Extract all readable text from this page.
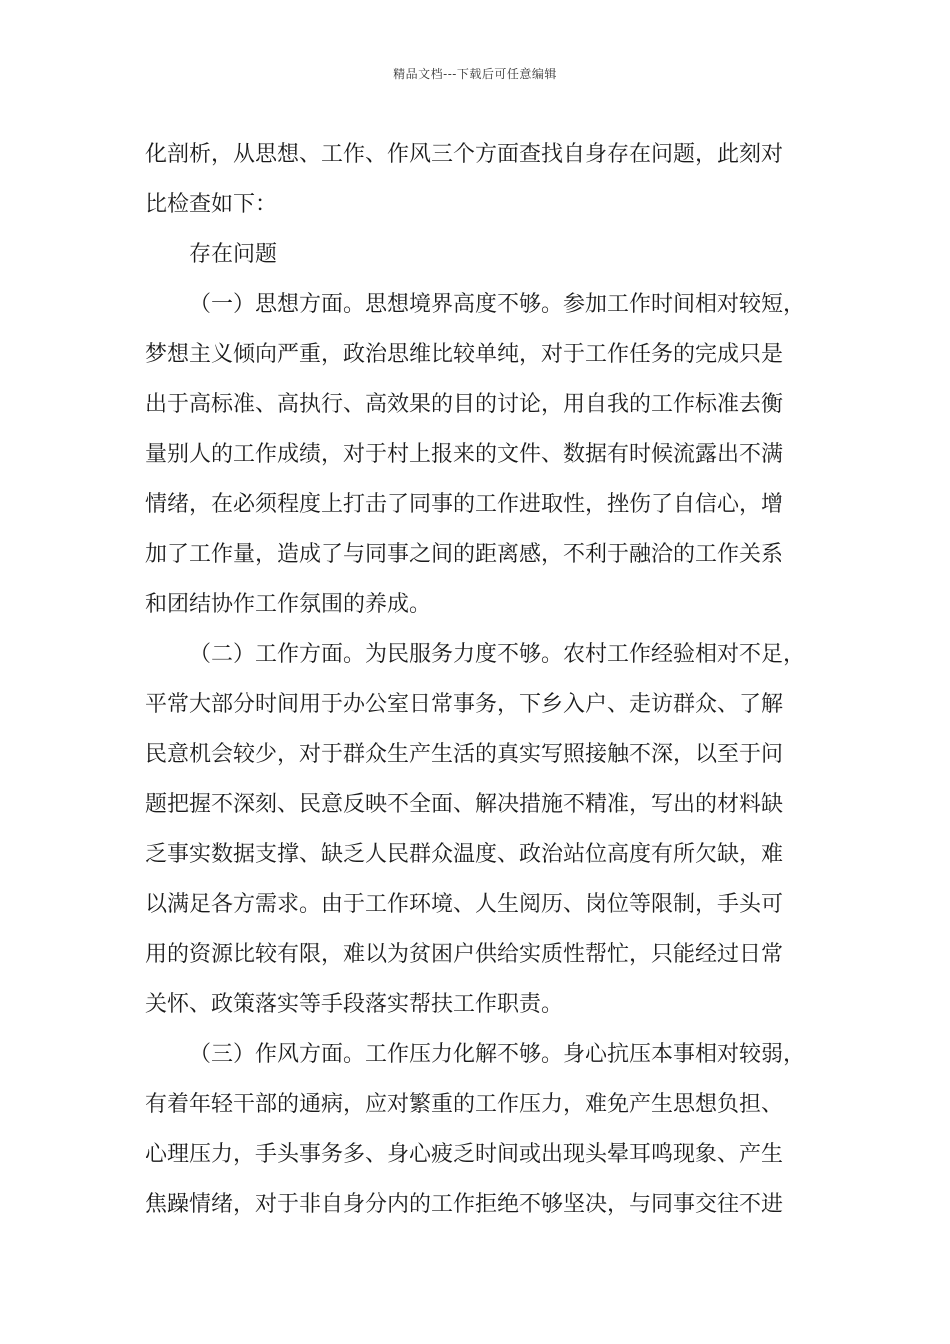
精品文档---下载后可任意编辑
化剖析，从思想、工作、作风三个方面查找自身存在问题，此刻对
比检查如下：
存在问题
（一）思想方面。思想境界高度不够。参加工作时间相对较短，
梦想主义倾向严重，政治思维比较单纯，对于工作任务的完成只是
出于高标准、高执行、高效果的目的讨论，用自我的工作标准去衡
量别人的工作成绩，对于村上报来的文件、数据有时候流露出不满
情绪，在必须程度上打击了同事的工作进取性，挫伤了自信心，增
加了工作量，造成了与同事之间的距离感，不利于融洽的工作关系
和团结协作工作氛围的养成。
（二）工作方面。为民服务力度不够。农村工作经验相对不足，
平常大部分时间用于办公室日常事务，下乡入户、走访群众、了解
民意机会较少，对于群众生产生活的真实写照接触不深，以至于问
题把握不深刻、民意反映不全面、解决措施不精准，写出的材料缺
乏事实数据支撑、缺乏人民群众温度、政治站位高度有所欠缺，难
以满足各方需求。由于工作环境、人生阅历、岗位等限制，手头可
用的资源比较有限，难以为贫困户供给实质性帮忙，只能经过日常
关怀、政策落实等手段落实帮扶工作职责。
（三）作风方面。工作压力化解不够。身心抗压本事相对较弱，
有着年轻干部的通病，应对繁重的工作压力，难免产生思想负担、
心理压力，手头事务多、身心疲乏时间或出现头晕耳鸣现象、产生
焦躁情绪，对于非自身分内的工作拒绝不够坚决，与同事交往不进
